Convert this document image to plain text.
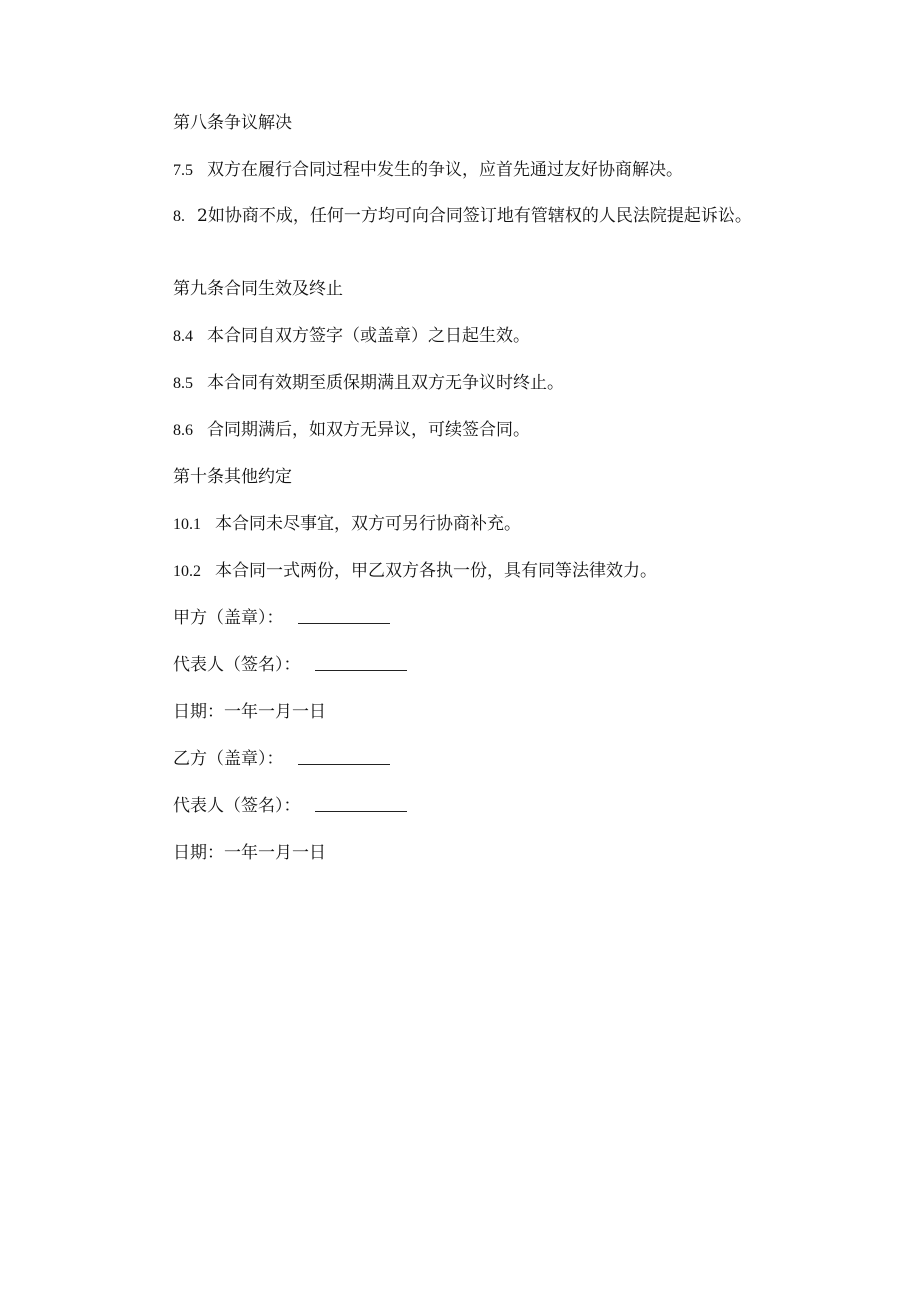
第八条争议解决
7.5 双方在履行合同过程中发生的争议，应首先通过友好协商解决。
8. 2如协商不成，任何一方均可向合同签订地有管辖权的人民法院提起诉讼。
第九条合同生效及终止
8.4 本合同自双方签字（或盖章）之日起生效。
8.5 本合同有效期至质保期满且双方无争议时终止。
8.6 合同期满后，如双方无异议，可续签合同。
第十条其他约定
10.1 本合同未尽事宜，双方可另行协商补充。
10.2 本合同一式两份，甲乙双方各执一份，具有同等法律效力。
甲方（盖章）：
代表人（签名）：
日期：一年一月一日
乙方（盖章）：
代表人（签名）：
日期：一年一月一日
